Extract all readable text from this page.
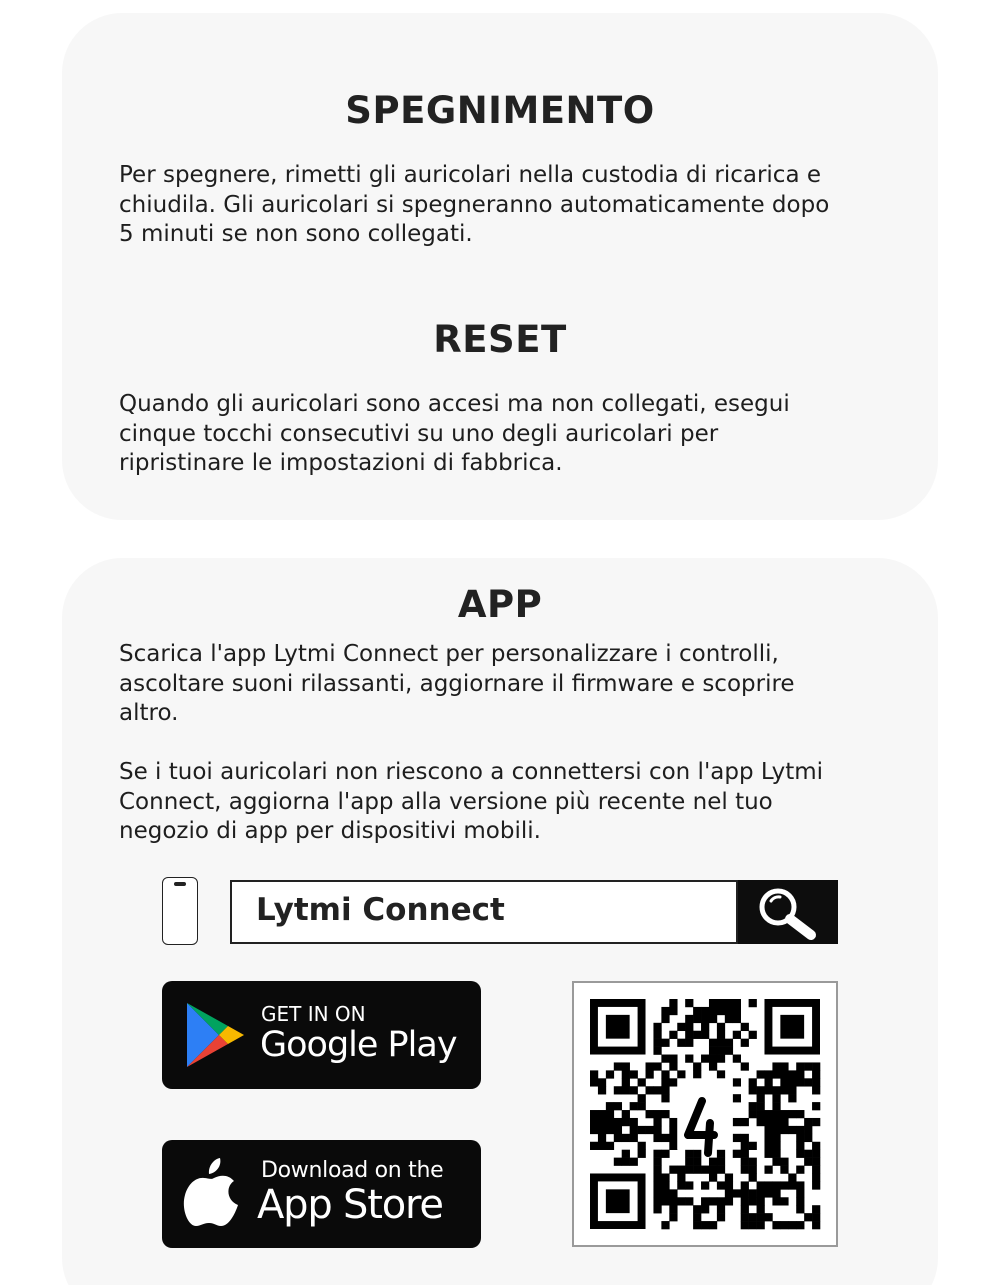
SPEGNIMENTO
Per spegnere, rimetti gli auricolari nella custodia di ricarica e
chiudila. Gli auricolari si spegneranno automaticamente dopo
5 minuti se non sono collegati.
RESET
Quando gli auricolari sono accesi ma non collegati, esegui
cinque tocchi consecutivi su uno degli auricolari per
ripristinare le impostazioni di fabbrica.
APP
Scarica l'app Lytmi Connect per personalizzare i controlli,
ascoltare suoni rilassanti, aggiornare il firmware e scoprire
altro.
Se i tuoi auricolari non riescono a connettersi con l'app Lytmi
Connect, aggiorna l'app alla versione più recente nel tuo
negozio di app per dispositivi mobili.
Lytmi Connect
GET IN ON
Google Play
Download on the
App Store
